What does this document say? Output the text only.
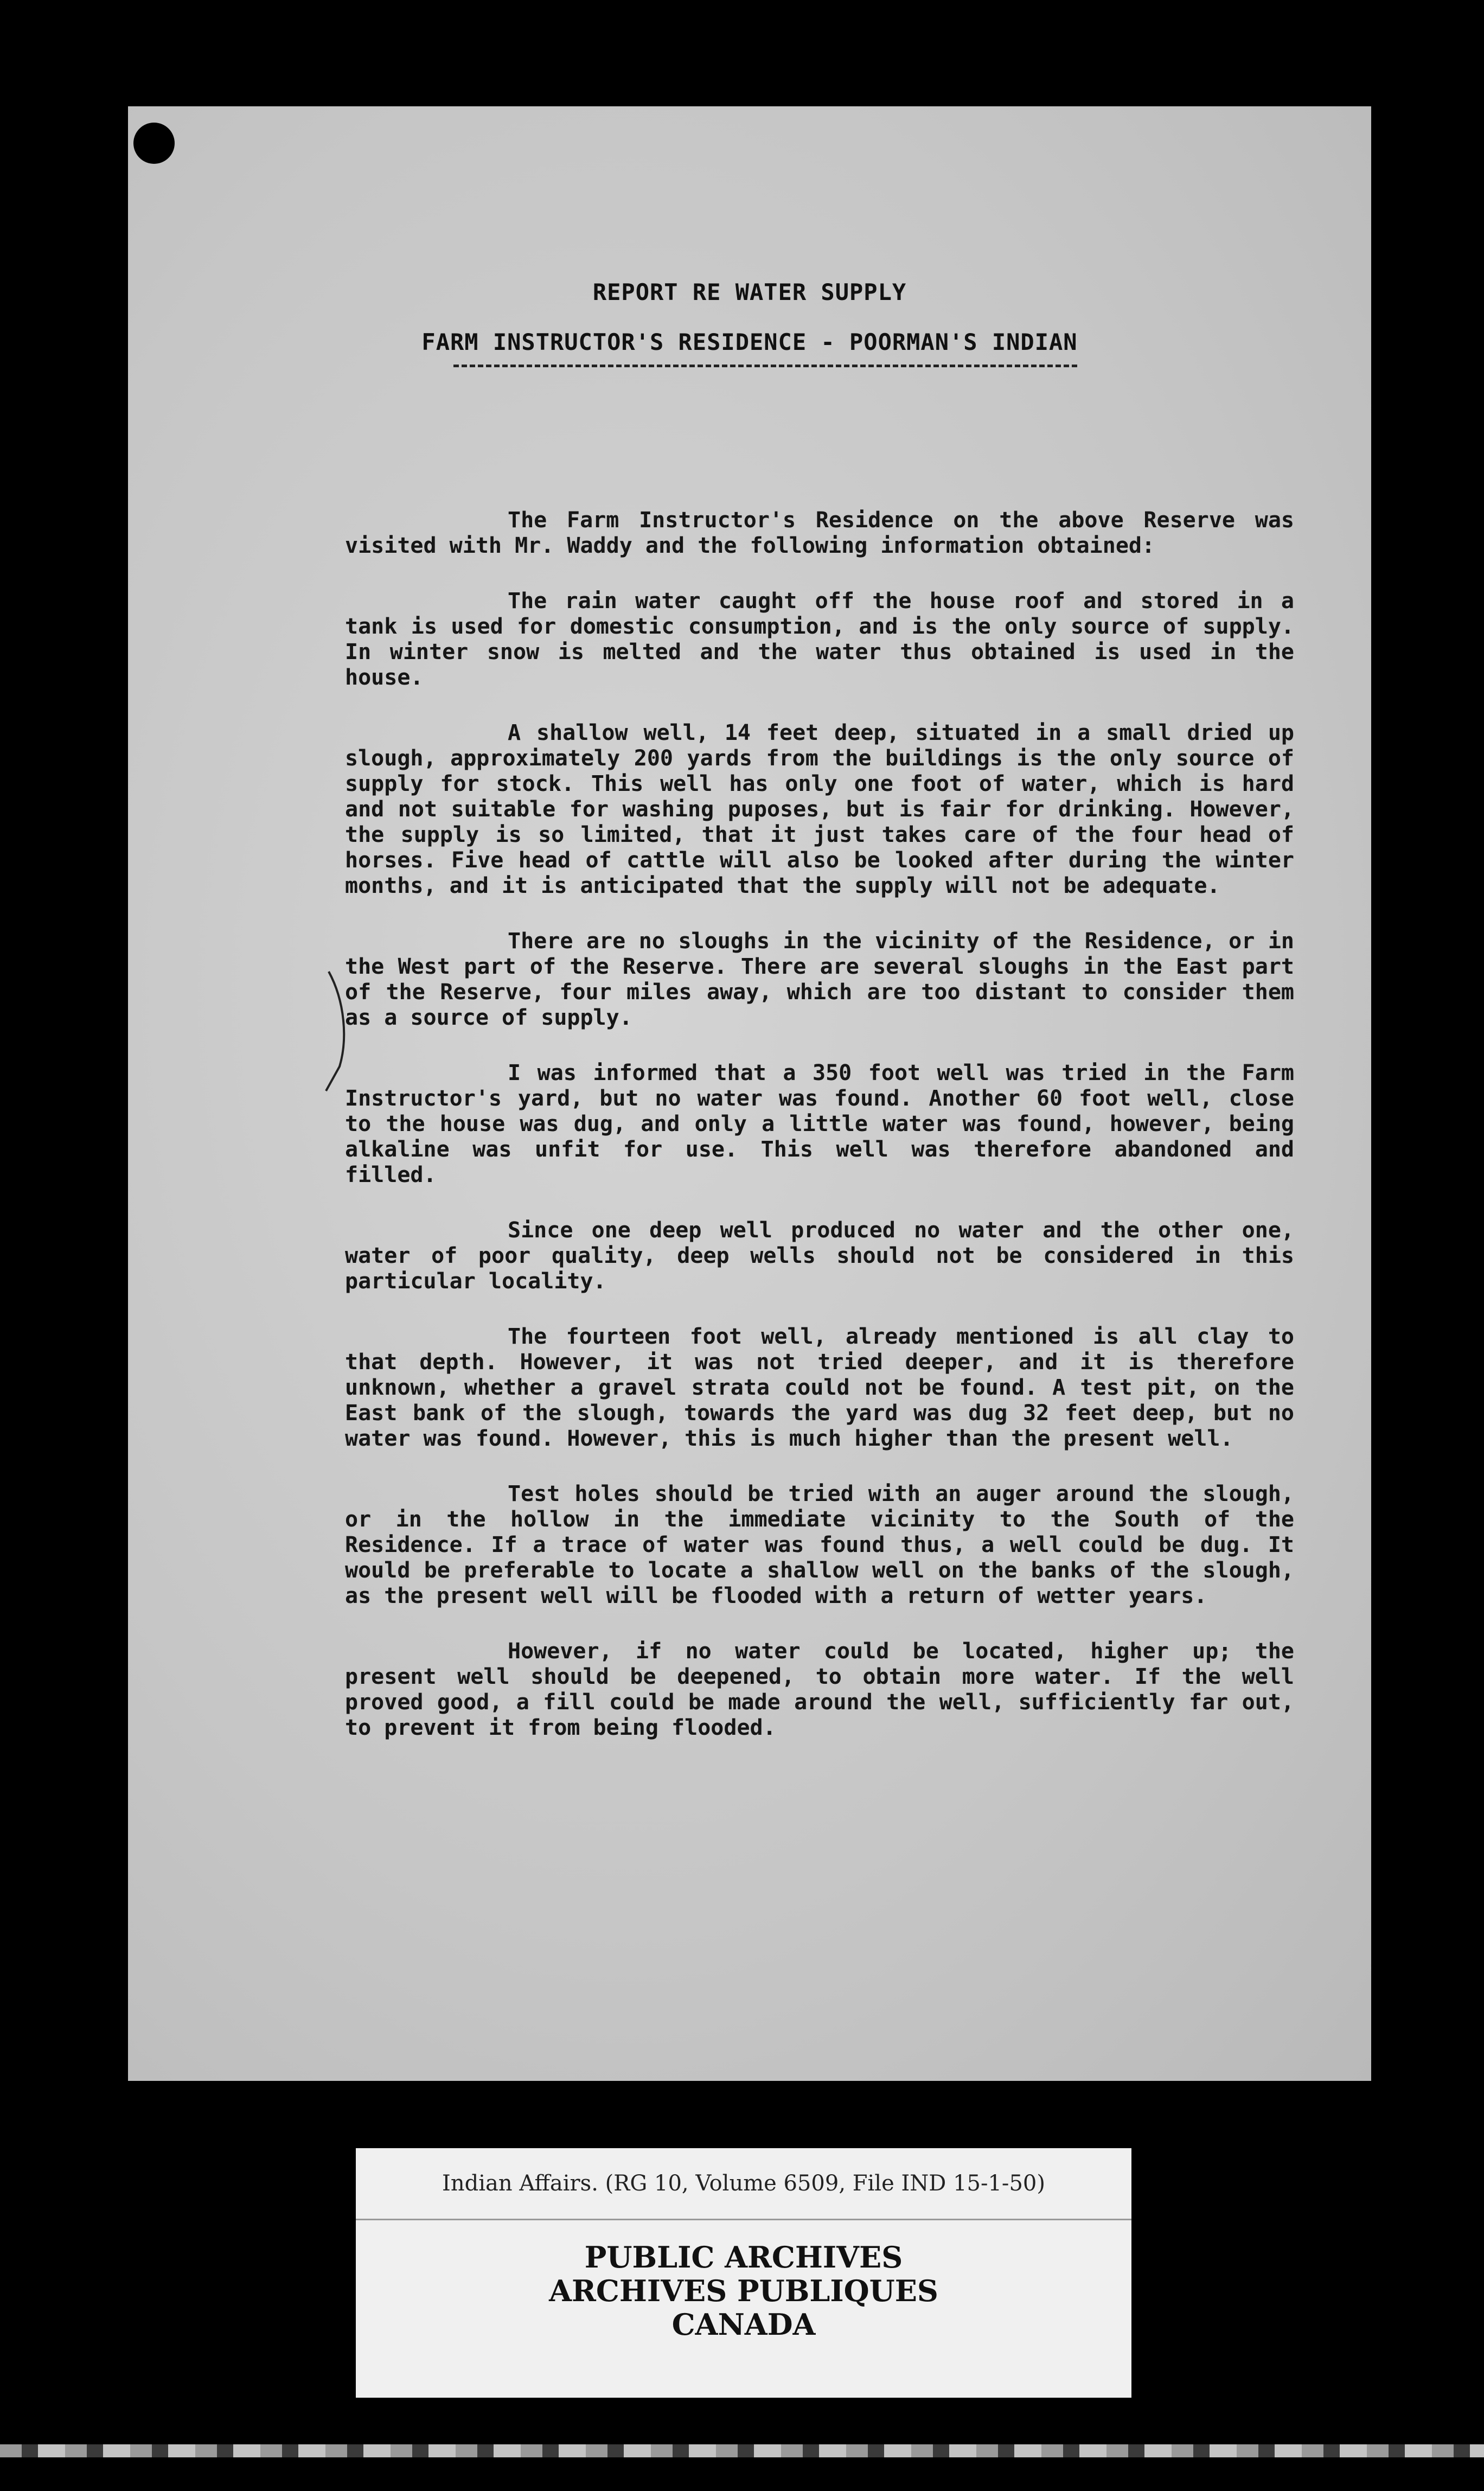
REPORT RE WATER SUPPLY
FARM INSTRUCTOR'S RESIDENCE - POORMAN'S INDIAN

The Farm Instructor's Residence on the above Reserve was visited with Mr. Waddy and the following information obtained:

The rain water caught off the house roof and stored in a tank is used for domestic consumption, and is the only source of supply. In winter snow is melted and the water thus obtained is used in the house.

A shallow well, 14 feet deep, situated in a small dried up slough, approximately 200 yards from the buildings is the only source of supply for stock. This well has only one foot of water, which is hard and not suitable for washing puposes, but is fair for drinking. However, the supply is so limited, that it just takes care of the four head of horses. Five head of cattle will also be looked after during the winter months, and it is anticipated that the supply will not be adequate.

There are no sloughs in the vicinity of the Residence, or in the West part of the Reserve. There are several sloughs in the East part of the Reserve, four miles away, which are too distant to consider them as a source of supply.

I was informed that a 350 foot well was tried in the Farm Instructor's yard, but no water was found. Another 60 foot well, close to the house was dug, and only a little water was found, however, being alkaline was unfit for use. This well was therefore abandoned and filled.

Since one deep well produced no water and the other one, water of poor quality, deep wells should not be considered in this particular locality.

The fourteen foot well, already mentioned is all clay to that depth. However, it was not tried deeper, and it is therefore unknown, whether a gravel strata could not be found. A test pit, on the East bank of the slough, towards the yard was dug 32 feet deep, but no water was found. However, this is much higher than the present well.

Test holes should be tried with an auger around the slough, or in the hollow in the immediate vicinity to the South of the Residence. If a trace of water was found thus, a well could be dug. It would be preferable to locate a shallow well on the banks of the slough, as the present well will be flooded with a return of wetter years.

However, if no water could be located, higher up; the present well should be deepened, to obtain more water. If the well proved good, a fill could be made around the well, sufficiently far out, to prevent it from being flooded.

Indian Affairs. (RG 10, Volume 6509, File IND 15-1-50)
PUBLIC ARCHIVES
ARCHIVES PUBLIQUES
CANADA
